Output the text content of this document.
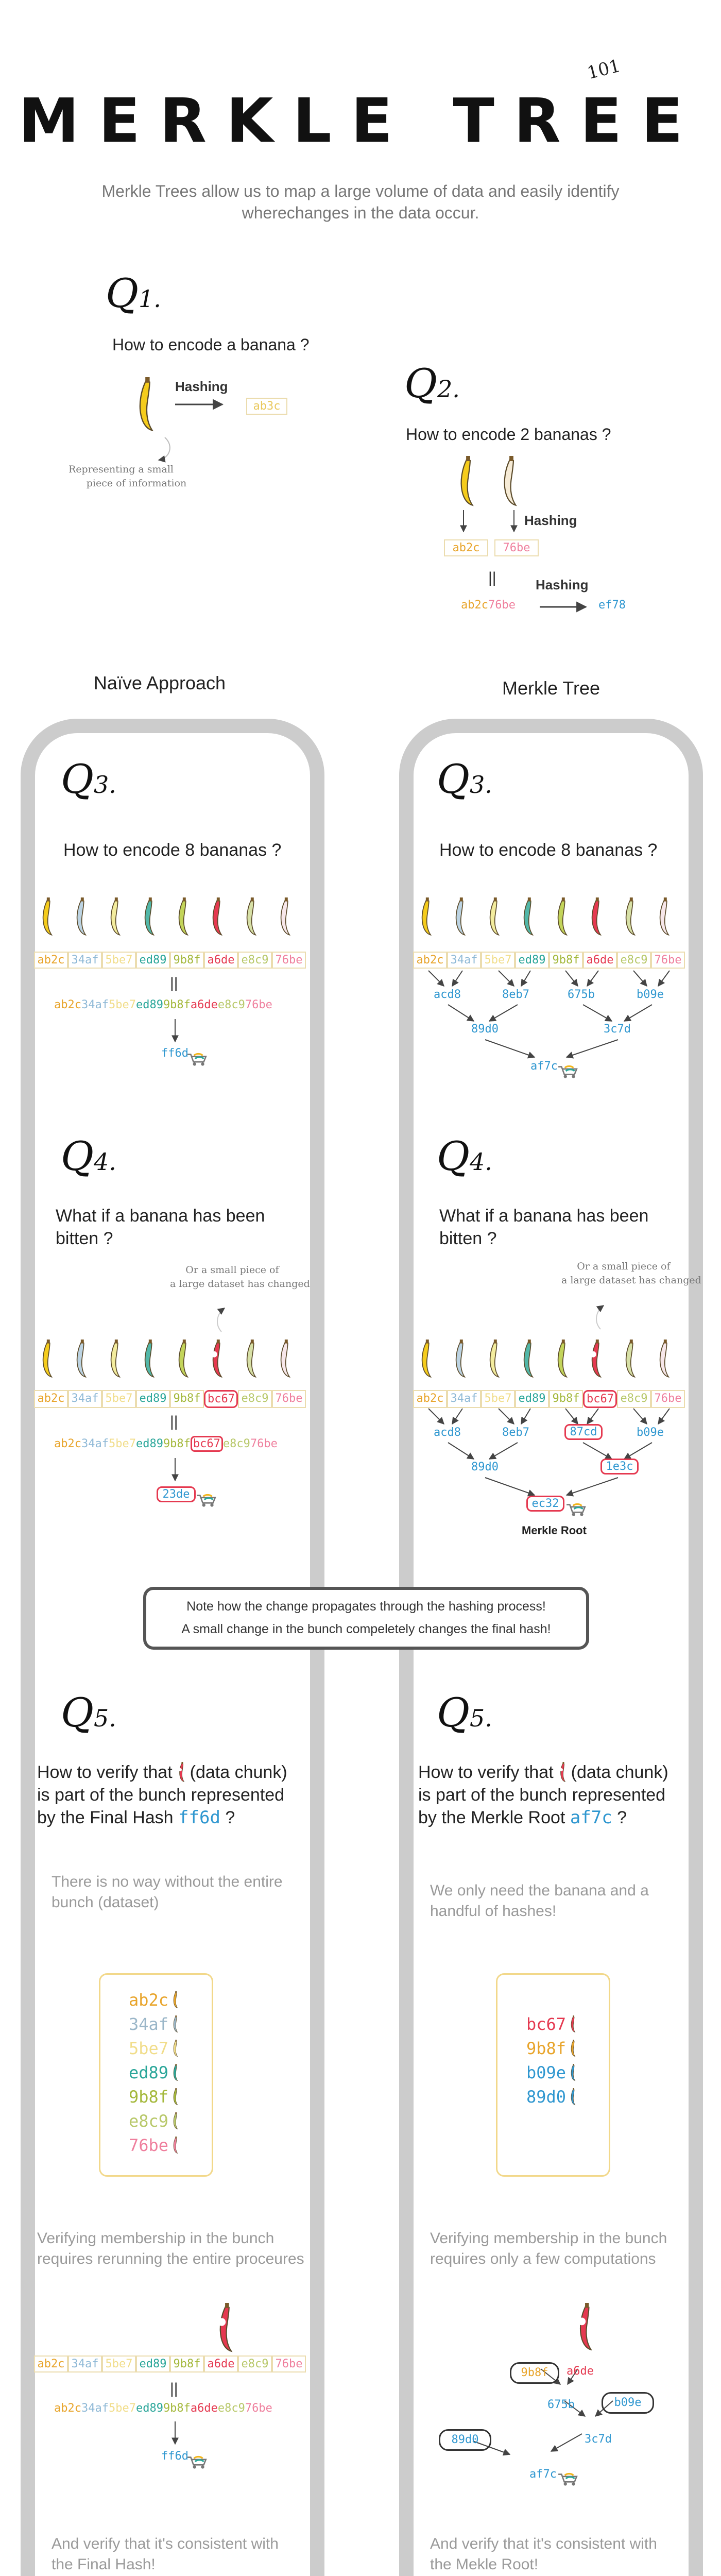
101
MERKLE TREE
Merkle Trees allow us to map a large volume of data and easily identify
wherechanges in the data occur.
Q1.
How to encode a banana ?
Hashing
ab3c
Representing a small
piece of information
Q2.
How to encode 2 bananas ?
Hashing
ab2c	76be
||	Hashing
ab2c76be	ef78
Naïve Approach	Merkle Tree
Q3.
How to encode 8 bananas ?
ab2c 34af 5be7 ed89 9b8f a6de e8c9 76be
||
ab2c34af5be7ed899b8fa6dee8c976be
ff6d
Q3.
How to encode 8 bananas ?
ab2c 34af 5be7 ed89 9b8f a6de e8c9 76be
acd8	8eb7	675b	b09e
89d0	3c7d
af7c
Q4.
What if a banana has been
bitten ?
Or a small piece of
a large dataset has changed
ab2c 34af 5be7 ed89 9b8f bc67 e8c9 76be
||
ab2c34af5be7ed899b8f bc67 e8c976be
23de
Q4.
What if a banana has been
bitten ?
Or a small piece of
a large dataset has changed
ab2c 34af 5be7 ed89 9b8f bc67 e8c9 76be
acd8	8eb7	87cd	b09e
89d0	1e3c
ec32
Merkle Root
Note how the change propagates through the hashing process!
A small change in the bunch compeletely changes the final hash!
Q5.
How to verify that (data chunk)
is part of the bunch represented
by the Final Hash ff6d ?
There is no way without the entire
bunch (dataset)
ab2c
34af
5be7
ed89
9b8f
e8c9
76be
Verifying membership in the bunch
requires rerunning the entire proceures
ab2c 34af 5be7 ed89 9b8f a6de e8c9 76be
||
ab2c34af5be7ed899b8fa6dee8c976be
ff6d
And verify that it's consistent with
the Final Hash!
Q5.
How to verify that (data chunk)
is part of the bunch represented
by the Merkle Root af7c ?
We only need the banana and a
handful of hashes!
bc67
9b8f
b09e
89d0
Verifying membership in the bunch
requires only a few computations
9b8f	a6de
675b	b09e
3c7d
89d0
af7c
And verify that it's consistent with
the Mekle Root!
